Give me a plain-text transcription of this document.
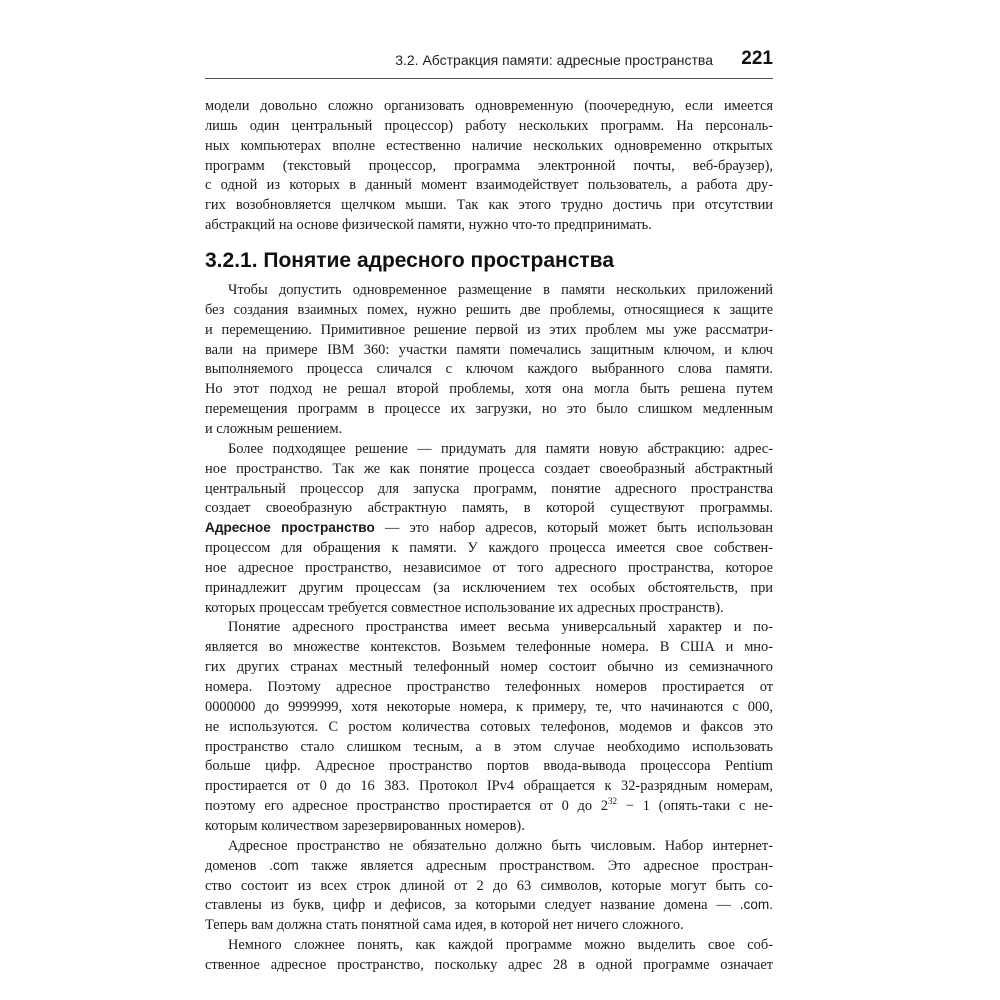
3.2. Абстракция памяти: адресные пространства 221
модели довольно сложно организовать одновременную (поочередную, если имеется
лишь один центральный процессор) работу нескольких программ. На персональ-
ных компьютерах вполне естественно наличие нескольких одновременно открытых
программ (текстовый процессор, программа электронной почты, веб-браузер),
с одной из которых в данный момент взаимодействует пользователь, а работа дру-
гих возобновляется щелчком мыши. Так как этого трудно достичь при отсутствии
абстракций на основе физической памяти, нужно что-то предпринимать.
3.2.1. Понятие адресного пространства
Чтобы допустить одновременное размещение в памяти нескольких приложений
без создания взаимных помех, нужно решить две проблемы, относящиеся к защите
и перемещению. Примитивное решение первой из этих проблем мы уже рассматри-
вали на примере IBM 360: участки памяти помечались защитным ключом, и ключ
выполняемого процесса сличался с ключом каждого выбранного слова памяти.
Но этот подход не решал второй проблемы, хотя она могла быть решена путем
перемещения программ в процессе их загрузки, но это было слишком медленным
и сложным решением.
Более подходящее решение — придумать для памяти новую абстракцию: адрес-
ное пространство. Так же как понятие процесса создает своеобразный абстрактный
центральный процессор для запуска программ, понятие адресного пространства
создает своеобразную абстрактную память, в которой существуют программы.
Адресное пространство — это набор адресов, который может быть использован
процессом для обращения к памяти. У каждого процесса имеется свое собствен-
ное адресное пространство, независимое от того адресного пространства, которое
принадлежит другим процессам (за исключением тех особых обстоятельств, при
которых процессам требуется совместное использование их адресных пространств).
Понятие адресного пространства имеет весьма универсальный характер и по-
является во множестве контекстов. Возьмем телефонные номера. В США и мно-
гих других странах местный телефонный номер состоит обычно из семизначного
номера. Поэтому адресное пространство телефонных номеров простирается от
0000000 до 9999999, хотя некоторые номера, к примеру, те, что начинаются с 000,
не используются. С ростом количества сотовых телефонов, модемов и факсов это
пространство стало слишком тесным, а в этом случае необходимо использовать
больше цифр. Адресное пространство портов ввода-вывода процессора Pentium
простирается от 0 до 16 383. Протокол IPv4 обращается к 32-разрядным номерам,
поэтому его адресное пространство простирается от 0 до $2^{32} - 1$ (опять-таки с не-
которым количеством зарезервированных номеров).
Адресное пространство не обязательно должно быть числовым. Набор интернет-
доменов .com также является адресным пространством. Это адресное простран-
ство состоит из всех строк длиной от 2 до 63 символов, которые могут быть со-
ставлены из букв, цифр и дефисов, за которыми следует название домена — .com.
Теперь вам должна стать понятной сама идея, в которой нет ничего сложного.
Немного сложнее понять, как каждой программе можно выделить свое соб-
ственное адресное пространство, поскольку адрес 28 в одной программе означает
